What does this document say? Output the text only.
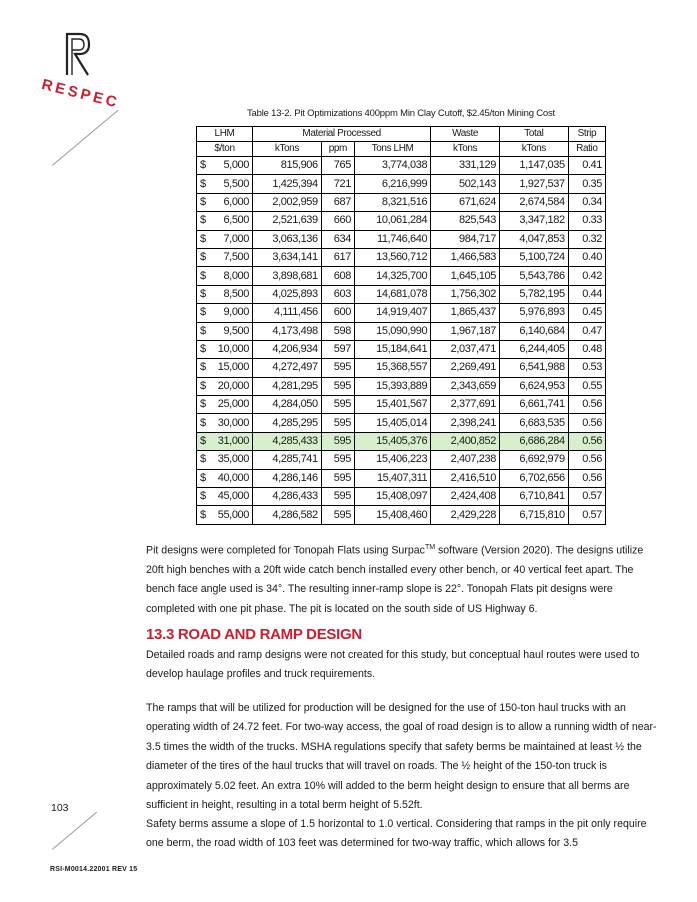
RESPEC
Table 13-2. Pit Optimizations 400ppm Min Clay Cutoff, $2.45/ton Mining Cost
LHM		Material Processed			Waste	Total	Strip
$/ton		kTons	ppm	Tons LHM	kTons	kTons	Ratio
$	5,000	815,906	765	3,774,038	331,129	1,147,035	0.41
$	5,500	1,425,394	721	6,216,999	502,143	1,927,537	0.35
$	6,000	2,002,959	687	8,321,516	671,624	2,674,584	0.34
$	6,500	2,521,639	660	10,061,284	825,543	3,347,182	0.33
$	7,000	3,063,136	634	11,746,640	984,717	4,047,853	0.32
$	7,500	3,634,141	617	13,560,712	1,466,583	5,100,724	0.40
$	8,000	3,898,681	608	14,325,700	1,645,105	5,543,786	0.42
$	8,500	4,025,893	603	14,681,078	1,756,302	5,782,195	0.44
$	9,000	4,111,456	600	14,919,407	1,865,437	5,976,893	0.45
$	9,500	4,173,498	598	15,090,990	1,967,187	6,140,684	0.47
$	10,000	4,206,934	597	15,184,641	2,037,471	6,244,405	0.48
$	15,000	4,272,497	595	15,368,557	2,269,491	6,541,988	0.53
$	20,000	4,281,295	595	15,393,889	2,343,659	6,624,953	0.55
$	25,000	4,284,050	595	15,401,567	2,377,691	6,661,741	0.56
$	30,000	4,285,295	595	15,405,014	2,398,241	6,683,535	0.56
$	31,000	4,285,433	595	15,405,376	2,400,852	6,686,284	0.56
$	35,000	4,285,741	595	15,406,223	2,407,238	6,692,979	0.56
$	40,000	4,286,146	595	15,407,311	2,416,510	6,702,656	0.56
$	45,000	4,286,433	595	15,408,097	2,424,408	6,710,841	0.57
$	55,000	4,286,582	595	15,408,460	2,429,228	6,715,810	0.57
Pit designs were completed for Tonopah Flats using Surpac™ software (Version 2020). The designs utilize 20ft high benches with a 20ft wide catch bench installed every other bench, or 40 vertical feet apart. The bench face angle used is 34°. The resulting inner-ramp slope is 22°. Tonopah Flats pit designs were completed with one pit phase. The pit is located on the south side of US Highway 6.
13.3 ROAD AND RAMP DESIGN
Detailed roads and ramp designs were not created for this study, but conceptual haul routes were used to develop haulage profiles and truck requirements.
The ramps that will be utilized for production will be designed for the use of 150-ton haul trucks with an operating width of 24.72 feet. For two-way access, the goal of road design is to allow a running width of near-3.5 times the width of the trucks. MSHA regulations specify that safety berms be maintained at least ½ the diameter of the tires of the haul trucks that will travel on roads. The ½ height of the 150-ton truck is approximately 5.02 feet. An extra 10% will added to the berm height design to ensure that all berms are sufficient in height, resulting in a total berm height of 5.52ft.
Safety berms assume a slope of 1.5 horizontal to 1.0 vertical. Considering that ramps in the pit only require one berm, the road width of 103 feet was determined for two-way traffic, which allows for 3.5
103
RSI-M0014.22001 REV 15
